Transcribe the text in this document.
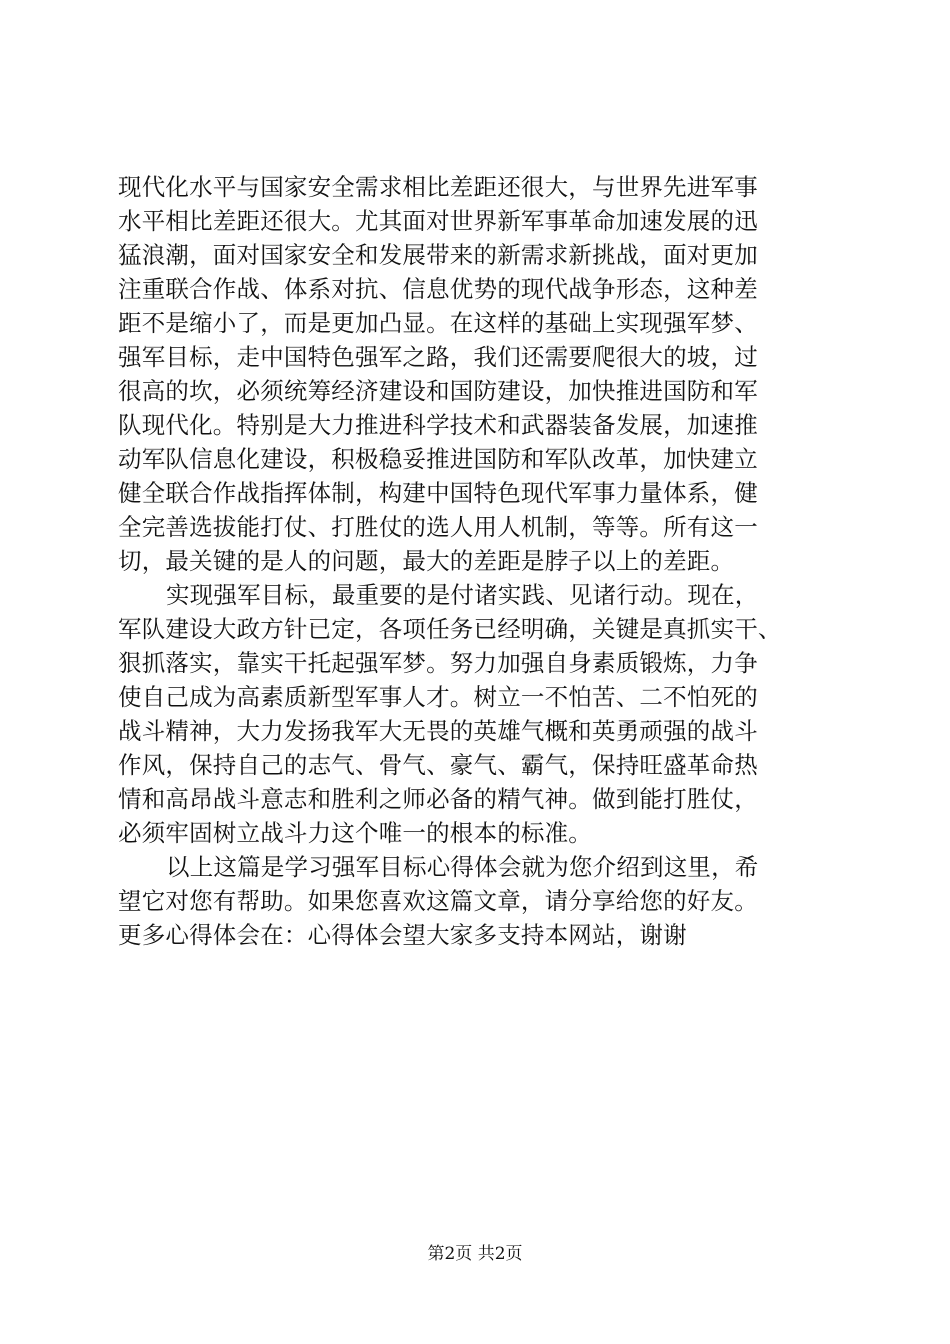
现代化水平与国家安全需求相比差距还很大，与世界先进军事
水平相比差距还很大。尤其面对世界新军事革命加速发展的迅
猛浪潮，面对国家安全和发展带来的新需求新挑战，面对更加
注重联合作战、体系对抗、信息优势的现代战争形态，这种差
距不是缩小了，而是更加凸显。在这样的基础上实现强军梦、
强军目标，走中国特色强军之路，我们还需要爬很大的坡，过
很高的坎，必须统筹经济建设和国防建设，加快推进国防和军
队现代化。特别是大力推进科学技术和武器装备发展，加速推
动军队信息化建设，积极稳妥推进国防和军队改革，加快建立
健全联合作战指挥体制，构建中国特色现代军事力量体系，健
全完善选拔能打仗、打胜仗的选人用人机制，等等。所有这一
切，最关键的是人的问题，最大的差距是脖子以上的差距。
实现强军目标，最重要的是付诸实践、见诸行动。现在，
军队建设大政方针已定，各项任务已经明确，关键是真抓实干、
狠抓落实，靠实干托起强军梦。努力加强自身素质锻炼，力争
使自己成为高素质新型军事人才。树立一不怕苦、二不怕死的
战斗精神，大力发扬我军大无畏的英雄气概和英勇顽强的战斗
作风，保持自己的志气、骨气、豪气、霸气，保持旺盛革命热
情和高昂战斗意志和胜利之师必备的精气神。做到能打胜仗，
必须牢固树立战斗力这个唯一的根本的标准。
以上这篇是学习强军目标心得体会就为您介绍到这里，希
望它对您有帮助。如果您喜欢这篇文章，请分享给您的好友。
更多心得体会在：心得体会望大家多支持本网站，谢谢
第2页 共2页
